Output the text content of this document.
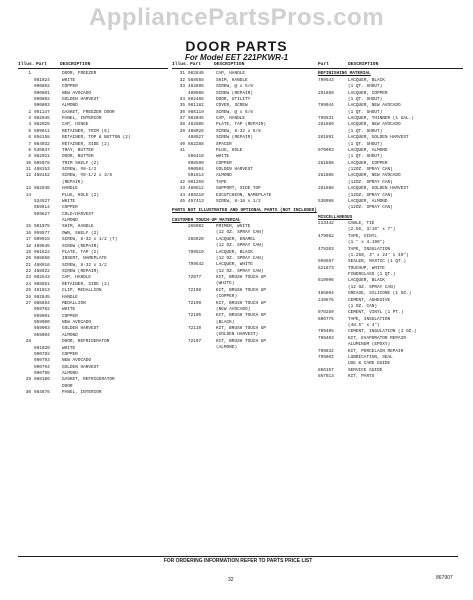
AppliancePartsPros.com
DOOR PARTS
For Model EET 221PKWR-1
Illus. Part	DESCRIPTION
1	DOOR, FREEZER
981024	WHITE
990802	COPPER
990801	NEW AVOCADO
990802	GOLDEN HARVEST
990803	ALMOND
2 991147	GASKET, FREEZER DOOR
3 982045	PANEL, INTERIOR
4 982025	CAP, HINGE
5 509911	RETAINER, TRIM (6)
6 856158	RETAINER, TOP & BUTTON (2)
7 984032	RETAINER, SIDE (2)
8 536047	TRAY, BUTTER
9 982021	DOOR, BUTTER
10 505078	TRIM SHELF (2)
11 488153	SCREW, #8-1/2
12 488152	SCREW, #8-1/2 x 3/8
(REPAIR)
13 982946	HANDLE
14	PLUG, HOLE (2)
534527	WHITE
959614	COPPER
959627	COLD/HARVEST
ALMOND
15 981075	SHIM, HANDLE
16 959577	OWN, SHELF (2)
17 509915	SCREW, 8-32 x 1/2 (7)
18 489645	SCREW (REPAIR)
19 961622	PLATE, TAP (2)
20 988850	INSERT, NAMEPLATE
21 488916	SCREW, 8-32 x 1/2
22 488922	SCREW (REPAIR)
23 982543	CAP, HANDLE
24 988851	RETAINER, SIDE (2)
25 481013	CLIP, MEDALLION
26 982845	HANDLE
27 988854	MEDALLION
959702	WHITE
959901	COPPER
959900	NEW AVOCADO
959903	GOLDEN HARVEST
959904	ALMOND
28	DOOR, REFRIGERATOR
981020	WHITE
990792	COPPER
990793	NEW AVOCADO
990794	GOLDEN HARVEST
990795	ALMOND
29 988106	GASKET, REFRIGERATOR
DOOR
30 984876	PANEL, INTERIOR
Illus. Part	DESCRIPTION
31 982846	CAP, HANDLE
32 568558	SHIM, HANDLE
33 482695	SCREW, @ x 5/8
489508	SCREW (REPAIR)
34 982466	DOOR, UTILITY
35 981182	COVER, SCREW
36 988119	SCREW, @ x 5/8
37 982045	CAP, HANDLE
38 462505	PLATE, TAP (REPAIR)
39 488926	SCREW, 8-32 x 5/8
488927	SCREW (REPAIR)
40 862288	SPACER
41	PLUG, HOLE
566418	WHITE
998590	COPPER
990504	GOLDEN HARVEST
591614	ALMOND
42 991259	TAPE
43 489612	SUPPORT, SIDE TOP
44 489210	ESCUTCHEON, NAMEPLATE
45 457413	SCREW, 8-18 x 1/2
PARTS NOT ILLUSTRATED AND OPTIONAL PARTS (NOT INCLUDED)
CUSTOMER TOUCH-UP MATERIAL
265902	PRIMER, WHITE
(12 OZ. SPRAY CAN)
265920	LACQUER, ENAMEL
(12 OZ. SPRAY CAN)
799519	LACQUER, BLACK
(12 OZ. SPRAY CAN)
799542	LACQUER, WHITE
(12 OZ. SPRAY CAN)
72077	KIT, BRUSH TOUCH UP
(WHITE)
72108	KIT, BRUSH TOUCH UP
(COPPER)
72109	KIT, BRUSH TOUCH UP
(NEW AVOCADO)
72105	KIT, BRUSH TOUCH UP
(BLACK)
72110	KIT, BRUSH TOUCH UP
(GOLDEN HARVEST)
72107	KIT, BRUSH TOUCH UP
(ALMOND)
Part	DESCRIPTION
REFINISHING MATERIAL
799543	LACQUER, BLACK
(1 QT. SHOUT)
261889	LACQUER, COPPER
(1 QT. SHOUT)
799944	LACQUER, NEW AVOCADO
(1 QT. SHOUT)
799531	LACQUER, THINNER (1 GAL.)
261889	LACQUER, NEW AVOCADO
(1 QT. SHOUT)
261891	LACQUER, GOLDEN HARVEST
(1 QT. SHOUT)
979093	LACQUER, ALMOND
(1 QT. SHOUT)
261886	LACQUER, COPPER
(12OZ. SPRAY CAN)
261885	LACQUER, NEW AVOCADO
(12OZ. SPRAY CAN)
261888	LACQUER, GOLDEN HARVEST
(12OZ. SPRAY CAN)
530998	LACQUER, ALMOND
(12OZ. SPRAY CAN)
MISCELLANEOUS
213442	CABLE, TIE
(2.55, 3/16" x 7")
479662	TAPE, VINYL
(1 " x 4.190")
479203	TAPE, INSULATION
(1.250, 3" x 24" x 40")
598587	SEALER, MASTIC (1 QT.)
521873	TOUCHUP, WHITE
FIBERGLASS (1 QT.)
519996	LACQUER, BLACK
(12 OZ. SPRAY CAN)
485604	GREASE, SILICONE (1 OZ.)
249676	CEMENT, ADHESIVE
(1 OZ. CAN)
978289	CEMENT, VINYL (1 PT.)
606775	TAPE, INSULATION
(48.5" x 4")
799405	CEMENT, INSULATION (1 OZ.)
799403	KIT, EVAPORATOR REPAIR
ALUMINUM (EPOXY)
799832	KIT, PORCELAIN REPAIR
799602	LUBRICATION, SEAL
USE & CARE GUIDE
866157	SERVICE GUIDE
867913	KIT, PARTS
FOR ORDERING INFORMATION REFER TO PARTS PRICE LIST
32	867907
